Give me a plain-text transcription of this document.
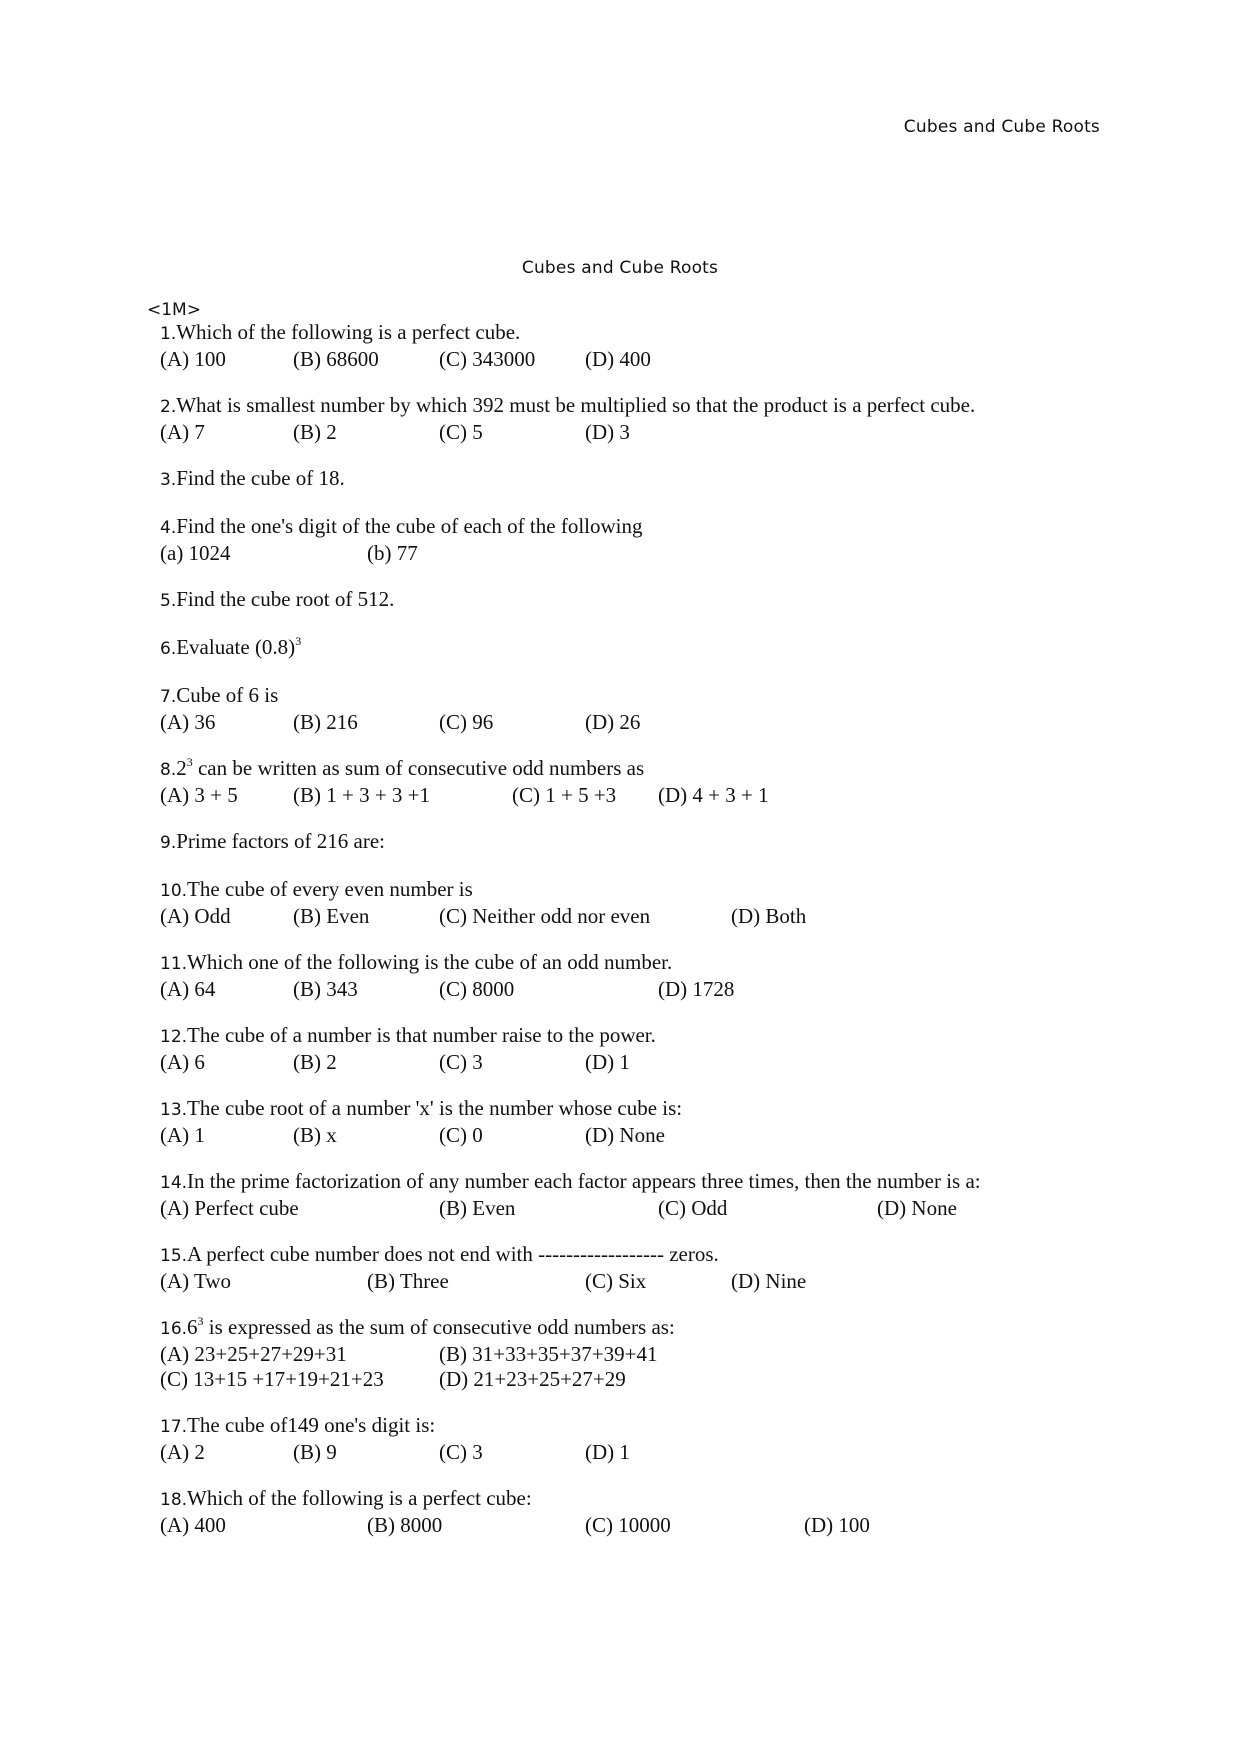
Cubes and Cube Roots
Cubes and Cube Roots
<1M>
1.Which of the following is a perfect cube.
(A) 100	(B) 68600	(C) 343000 (D) 400
2.What is smallest number by which 392 must be multiplied so that the product is a perfect cube.
(A) 7	(B) 2	(C) 5	(D) 3
3.Find the cube of 18.
4.Find the one's digit of the cube of each of the following
(a) 1024	(b) 77
5.Find the cube root of 512.
6.Evaluate $(0.8)^3$
7.Cube of 6 is
(A) 36	(B) 216	(C) 96	(D) 26
$8.2^3$ can be written as sum of consecutive odd numbers as
(A) 3 + 5	(B) 1 + 3 + 3 +1	(C) 1 + 5 +3 (D) 4 + 3 + 1
9.Prime factors of 216 are:
10.The cube of every even number is
(A) Odd	(B) Even	(C) Neither odd nor even	(D) Both
11.Which one of the following is the cube of an odd number.
(A) 64	(B) 343	(C) 8000	(D) 1728
12.The cube of a number is that number raise to the power.
(A) 6	(B) 2	(C) 3	(D) 1
13.The cube root of a number 'x' is the number whose cube is:
(A) 1	(B) x	(C) 0	(D) None
14.In the prime factorization of any number each factor appears three times, then the number is a:
(A) Perfect cube	(B) Even	(C) Odd	(D) None
15.A perfect cube number does not end with ------------------ zeros.
(A) Two	(B) Three	(C) Six	(D) Nine
16.6$^3$ is expressed as the sum of consecutive odd numbers as:
(A) 23+25+27+29+31	(B) 31+33+35+37+39+41
(C) 13+15 +17+19+21+23	(D) 21+23+25+27+29
17.The cube of149 one's digit is:
(A) 2	(B) 9	(C) 3	(D) 1
18.Which of the following is a perfect cube:
(A) 400	(B) 8000	(C) 10000	(D) 100
